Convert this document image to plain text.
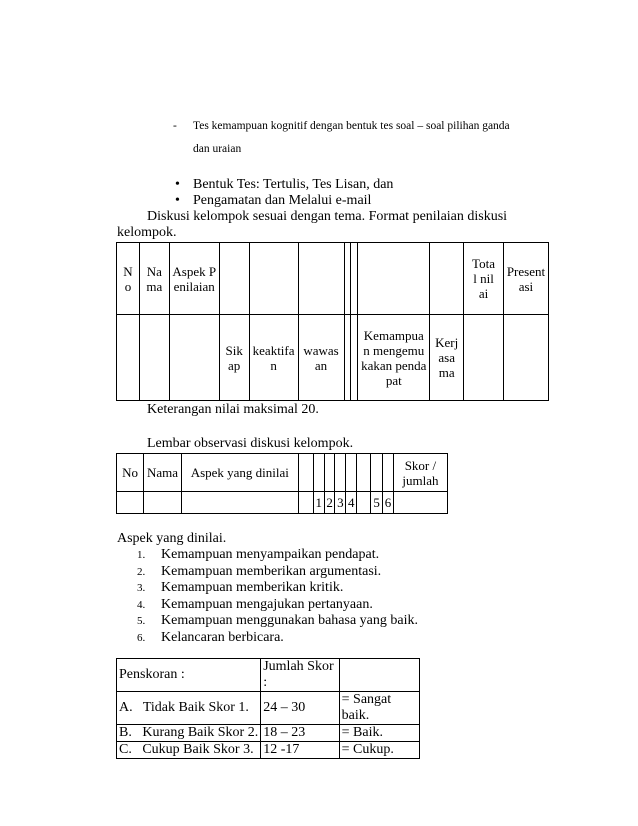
- Tes kemampuan kognitif dengan bentuk tes soal – soal pilihan ganda
dan uraian
• Bentuk Tes: Tertulis, Tes Lisan, dan
• Pengamatan dan Melalui e-mail
Diskusi kelompok sesuai dengan tema. Format penilaian diskusi
kelompok.
No	Nama	Aspek Penilaian								Total nilai	Presentasi
			Sikap	keaktifan	wawasan			Kemampuan mengemukakan pendapat	Kerjasama		
Keterangan nilai maksimal 20.
Lembar observasi diskusi kelompok.
No	Nama	Aspek yang dinilai									Skor / jumlah
				1	2	3	4		5	6	
Aspek yang dinilai.
1. Kemampuan menyampaikan pendapat.
2. Kemampuan memberikan argumentasi.
3. Kemampuan memberikan kritik.
4. Kemampuan mengajukan pertanyaan.
5. Kemampuan menggunakan bahasa yang baik.
6. Kelancaran berbicara.
Penskoran :	Jumlah Skor :	
A.   Tidak Baik Skor 1.	24 – 30	= Sangat baik.
B.   Kurang Baik Skor 2.	18 – 23	= Baik.
C.   Cukup Baik Skor 3.	12 -17	= Cukup.
